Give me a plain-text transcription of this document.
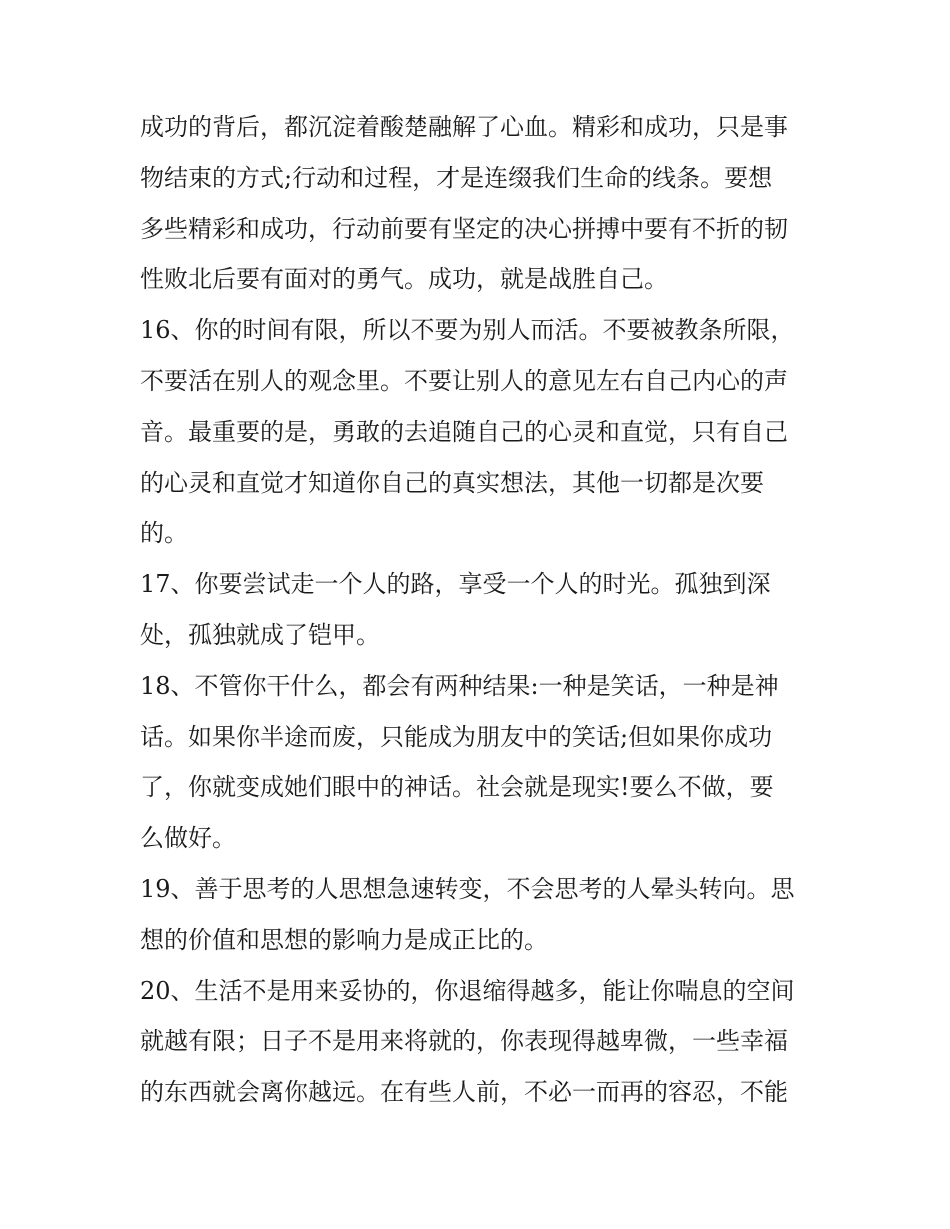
成功的背后，都沉淀着酸楚融解了心血。精彩和成功，只是事
物结束的方式;行动和过程，才是连缀我们生命的线条。要想
多些精彩和成功，行动前要有坚定的决心拼搏中要有不折的韧
性败北后要有面对的勇气。成功，就是战胜自己。
16、你的时间有限，所以不要为别人而活。不要被教条所限，
不要活在别人的观念里。不要让别人的意见左右自己内心的声
音。最重要的是，勇敢的去追随自己的心灵和直觉，只有自己
的心灵和直觉才知道你自己的真实想法，其他一切都是次要
的。
17、你要尝试走一个人的路，享受一个人的时光。孤独到深
处，孤独就成了铠甲。
18、不管你干什么，都会有两种结果:一种是笑话，一种是神
话。如果你半途而废，只能成为朋友中的笑话;但如果你成功
了，你就变成她们眼中的神话。社会就是现实!要么不做，要
么做好。
19、善于思考的人思想急速转变，不会思考的人晕头转向。思
想的价值和思想的影响力是成正比的。
20、生活不是用来妥协的，你退缩得越多，能让你喘息的空间
就越有限；日子不是用来将就的，你表现得越卑微，一些幸福
的东西就会离你越远。在有些人前，不必一而再的容忍，不能
